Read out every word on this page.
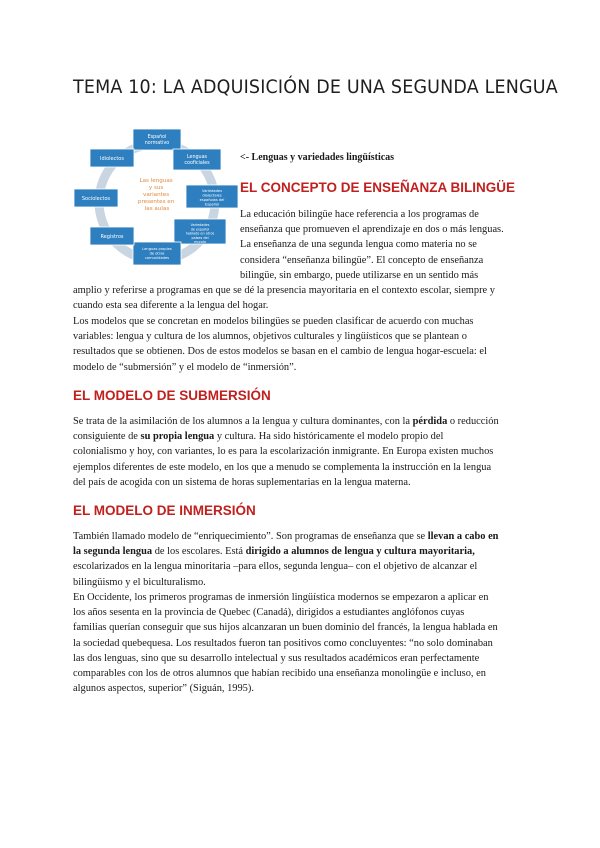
TEMA 10: LA ADQUISICIÓN DE UNA SEGUNDA LENGUA
Las lenguas y sus variantes presentes en las aulas
Español normativo
Lenguas cooficiales
Variedades dialectales españolas del Español
Variedades de español hablado en otros países del mundo
Lenguas propias de otras comunidades
Registros
Sociolectos
Idiolectos	<- Lenguas y variedades lingüísticas
EL CONCEPTO DE ENSEÑANZA BILINGÜE
La educación bilingüe hace referencia a los programas de
enseñanza que promueven el aprendizaje en dos o más lenguas.
La enseñanza de una segunda lengua como materia no se
considera “enseñanza bilingüe”. El concepto de enseñanza
bilingüe, sin embargo, puede utilizarse en un sentido más
amplio y referirse a programas en que se dé la presencia mayoritaria en el contexto escolar, siempre y
cuando esta sea diferente a la lengua del hogar.
Los modelos que se concretan en modelos bilingües se pueden clasificar de acuerdo con muchas
variables: lengua y cultura de los alumnos, objetivos culturales y lingüísticos que se plantean o
resultados que se obtienen. Dos de estos modelos se basan en el cambio de lengua hogar-escuela: el
modelo de “submersión” y el modelo de “inmersión”.
EL MODELO DE SUBMERSIÓN
Se trata de la asimilación de los alumnos a la lengua y cultura dominantes, con la pérdida o reducción
consiguiente de su propia lengua y cultura. Ha sido históricamente el modelo propio del
colonialismo y hoy, con variantes, lo es para la escolarización inmigrante. En Europa existen muchos
ejemplos diferentes de este modelo, en los que a menudo se complementa la instrucción en la lengua
del país de acogida con un sistema de horas suplementarias en la lengua materna.
EL MODELO DE INMERSIÓN
También llamado modelo de “enriquecimiento”. Son programas de enseñanza que se llevan a cabo en
la segunda lengua de los escolares. Está dirigido a alumnos de lengua y cultura mayoritaria,
escolarizados en la lengua minoritaria –para ellos, segunda lengua– con el objetivo de alcanzar el
bilingüismo y el biculturalismo.
En Occidente, los primeros programas de inmersión lingüística modernos se empezaron a aplicar en
los años sesenta en la provincia de Quebec (Canadá), dirigidos a estudiantes anglófonos cuyas
familias querían conseguir que sus hijos alcanzaran un buen dominio del francés, la lengua hablada en
la sociedad quebequesa. Los resultados fueron tan positivos como concluyentes: “no solo dominaban
las dos lenguas, sino que su desarrollo intelectual y sus resultados académicos eran perfectamente
comparables con los de otros alumnos que habían recibido una enseñanza monolingüe e incluso, en
algunos aspectos, superior” (Siguán, 1995).
